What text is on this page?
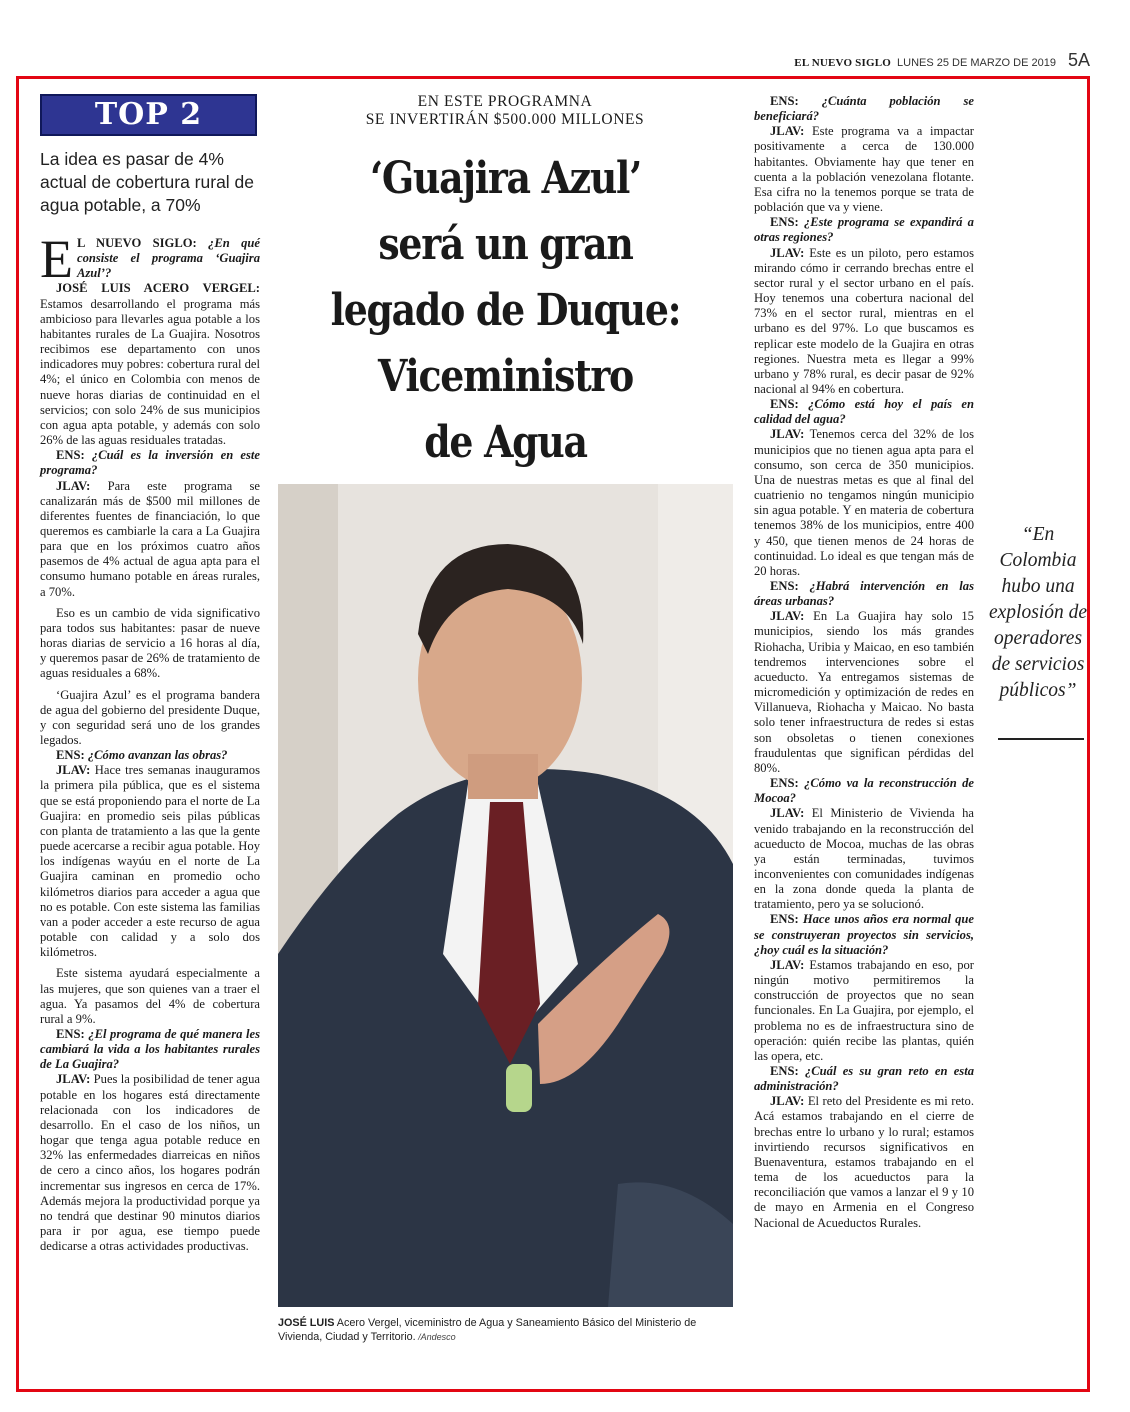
EL NUEVO SIGLO LUNES 25 DE MARZO DE 2019 5A
TOP 2
La idea es pasar de 4% actual de cobertura rural de agua potable, a 70%
EN ESTE PROGRAMNA
SE INVERTIRÁN $500.000 MILLONES
‘Guajira Azul’
será un gran
legado de Duque:
Viceministro
de Agua

E L NUEVO SIGLO: ¿En qué consiste el programa ‘Guajira Azul’?

JOSÉ LUIS ACERO VERGEL: Estamos desarrollando el programa más ambicioso para llevarles agua potable a los habitantes rurales de La Guajira. Nosotros recibimos ese departamento con unos indicadores muy pobres: cobertura rural del 4%; el único en Colombia con menos de nueve horas diarias de continuidad en el servicios; con solo 24% de sus municipios con agua apta potable, y además con solo 26% de las aguas residuales tratadas.

ENS: ¿Cuál es la inversión en este programa?

JLAV: Para este programa se canalizarán más de $500 mil millones de diferentes fuentes de financiación, lo que queremos es cambiarle la cara a La Guajira para que en los próximos cuatro años pasemos de 4% actual de agua apta para el consumo humano potable en áreas rurales, a 70%.

Eso es un cambio de vida significativo para todos sus habitantes: pasar de nueve horas diarias de servicio a 16 horas al día, y queremos pasar de 26% de tratamiento de aguas residuales a 68%.

‘Guajira Azul’ es el programa bandera de agua del gobierno del presidente Duque, y con seguridad será uno de los grandes legados.

ENS: ¿Cómo avanzan las obras?

JLAV: Hace tres semanas inauguramos la primera pila pública, que es el sistema que se está proponiendo para el norte de La Guajira: en promedio seis pilas públicas con planta de tratamiento a las que la gente puede acercarse a recibir agua potable. Hoy los indígenas wayúu en el norte de La Guajira caminan en promedio ocho kilómetros diarios para acceder a agua que no es potable. Con este sistema las familias van a poder acceder a este recurso de agua potable con calidad y a solo dos kilómetros.

Este sistema ayudará especialmente a las mujeres, que son quienes van a traer el agua. Ya pasamos del 4% de cobertura rural a 9%.

ENS: ¿El programa de qué manera les cambiará la vida a los habitantes rurales de La Guajira?

JLAV: Pues la posibilidad de tener agua potable en los hogares está directamente relacionada con los indicadores de desarrollo. En el caso de los niños, un hogar que tenga agua potable reduce en 32% las enfermedades diarreicas en niños de cero a cinco años, los hogares podrán incrementar sus ingresos en cerca de 17%. Además mejora la productividad porque ya no tendrá que destinar 90 minutos diarios para ir por agua, ese tiempo puede dedicarse a otras actividades productivas.

JOSÉ LUIS Acero Vergel, viceministro de Agua y Saneamiento Básico del Ministerio de Vivienda, Ciudad y Territorio. /Andesco

ENS: ¿Cuánta población se beneficiará?

JLAV: Este programa va a impactar positivamente a cerca de 130.000 habitantes. Obviamente hay que tener en cuenta a la población venezolana flotante. Esa cifra no la tenemos porque se trata de población que va y viene.

ENS: ¿Este programa se expandirá a otras regiones?

JLAV: Este es un piloto, pero estamos mirando cómo ir cerrando brechas entre el sector rural y el sector urbano en el país. Hoy tenemos una cobertura nacional del 73% en el sector rural, mientras en el urbano es del 97%. Lo que buscamos es replicar este modelo de la Guajira en otras regiones. Nuestra meta es llegar a 99% urbano y 78% rural, es decir pasar de 92% nacional al 94% en cobertura.

ENS: ¿Cómo está hoy el país en calidad del agua?

JLAV: Tenemos cerca del 32% de los municipios que no tienen agua apta para el consumo, son cerca de 350 municipios. Una de nuestras metas es que al final del cuatrienio no tengamos ningún municipio sin agua potable. Y en materia de cobertura tenemos 38% de los municipios, entre 400 y 450, que tienen menos de 24 horas de continuidad. Lo ideal es que tengan más de 20 horas.

ENS: ¿Habrá intervención en las áreas urbanas?

JLAV: En La Guajira hay solo 15 municipios, siendo los más grandes Riohacha, Uribia y Maicao, en eso también tendremos intervenciones sobre el acueducto. Ya entregamos sistemas de micromedición y optimización de redes en Villanueva, Riohacha y Maicao. No basta solo tener infraestructura de redes si estas son obsoletas o tienen conexiones fraudulentas que significan pérdidas del 80%.

ENS: ¿Cómo va la reconstrucción de Mocoa?

JLAV: El Ministerio de Vivienda ha venido trabajando en la reconstrucción del acueducto de Mocoa, muchas de las obras ya están terminadas, tuvimos inconvenientes con comunidades indígenas en la zona donde queda la planta de tratamiento, pero ya se solucionó.

ENS: Hace unos años era normal que se construyeran proyectos sin servicios, ¿hoy cuál es la situación?

JLAV: Estamos trabajando en eso, por ningún motivo permitiremos la construcción de proyectos que no sean funcionales. En La Guajira, por ejemplo, el problema no es de infraestructura sino de operación: quién recibe las plantas, quién las opera, etc.

ENS: ¿Cuál es su gran reto en esta administración?

JLAV: El reto del Presidente es mi reto. Acá estamos trabajando en el cierre de brechas entre lo urbano y lo rural; estamos invirtiendo recursos significativos en Buenaventura, estamos trabajando en el tema de los acueductos para la reconciliación que vamos a lanzar el 9 y 10 de mayo en Armenia en el Congreso Nacional de Acueductos Rurales.

“En Colombia hubo una explosión de operadores de servicios públicos”
